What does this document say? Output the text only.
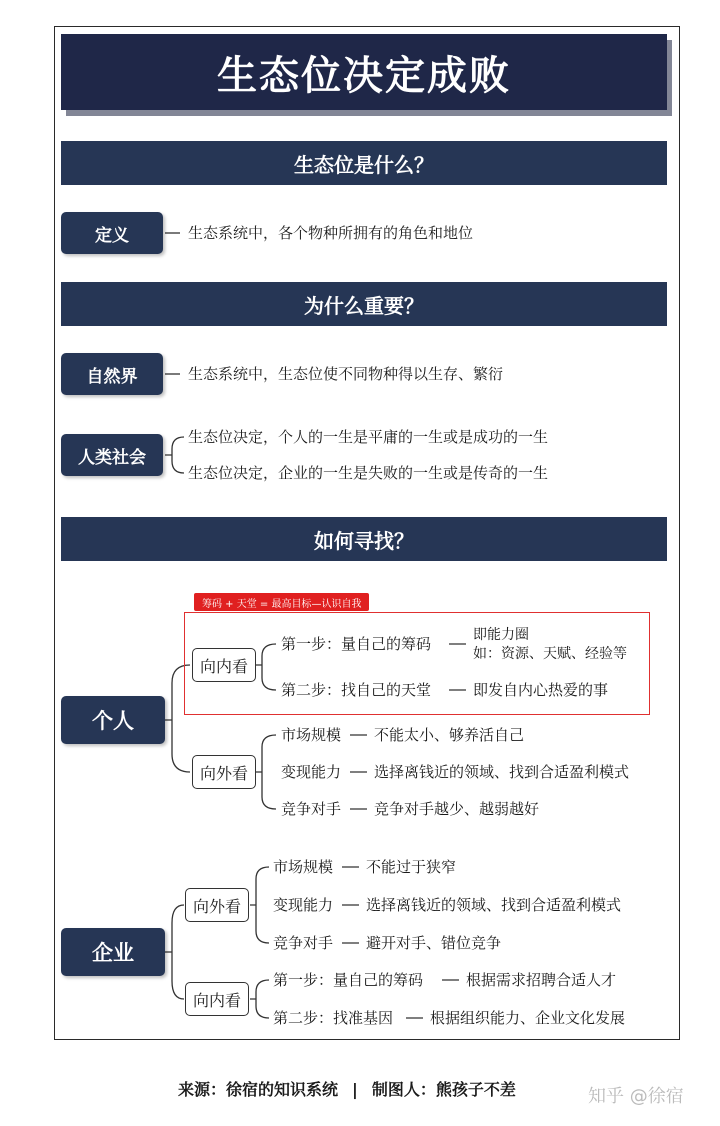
生态位决定成败
生态位是什么？
为什么重要？
如何寻找？
定义	生态系统中，各个物种所拥有的角色和地位
自然界	生态系统中，生态位使不同物种得以生存、繁衍
人类社会
生态位决定，个人的一生是平庸的一生或是成功的一生
生态位决定，企业的一生是失败的一生或是传奇的一生
筹码 + 天堂 = 最高目标—认识自我
个人
向内看
第一步：量自己的筹码	即能力圈
如：资源、天赋、经验等
第二步：找自己的天堂	即发自内心热爱的事
向外看
市场规模 不能太小、够养活自己
变现能力 选择离钱近的领域、找到合适盈利模式
竞争对手 竞争对手越少、越弱越好
企业
向外看
市场规模 不能过于狭窄
变现能力 选择离钱近的领域、找到合适盈利模式
竞争对手 避开对手、错位竞争
向内看
第一步：量自己的筹码	根据需求招聘合适人才
第二步：找准基因 根据组织能力、企业文化发展
来源：徐宿的知识系统 | 制图人：熊孩子不差	知乎 @徐宿
